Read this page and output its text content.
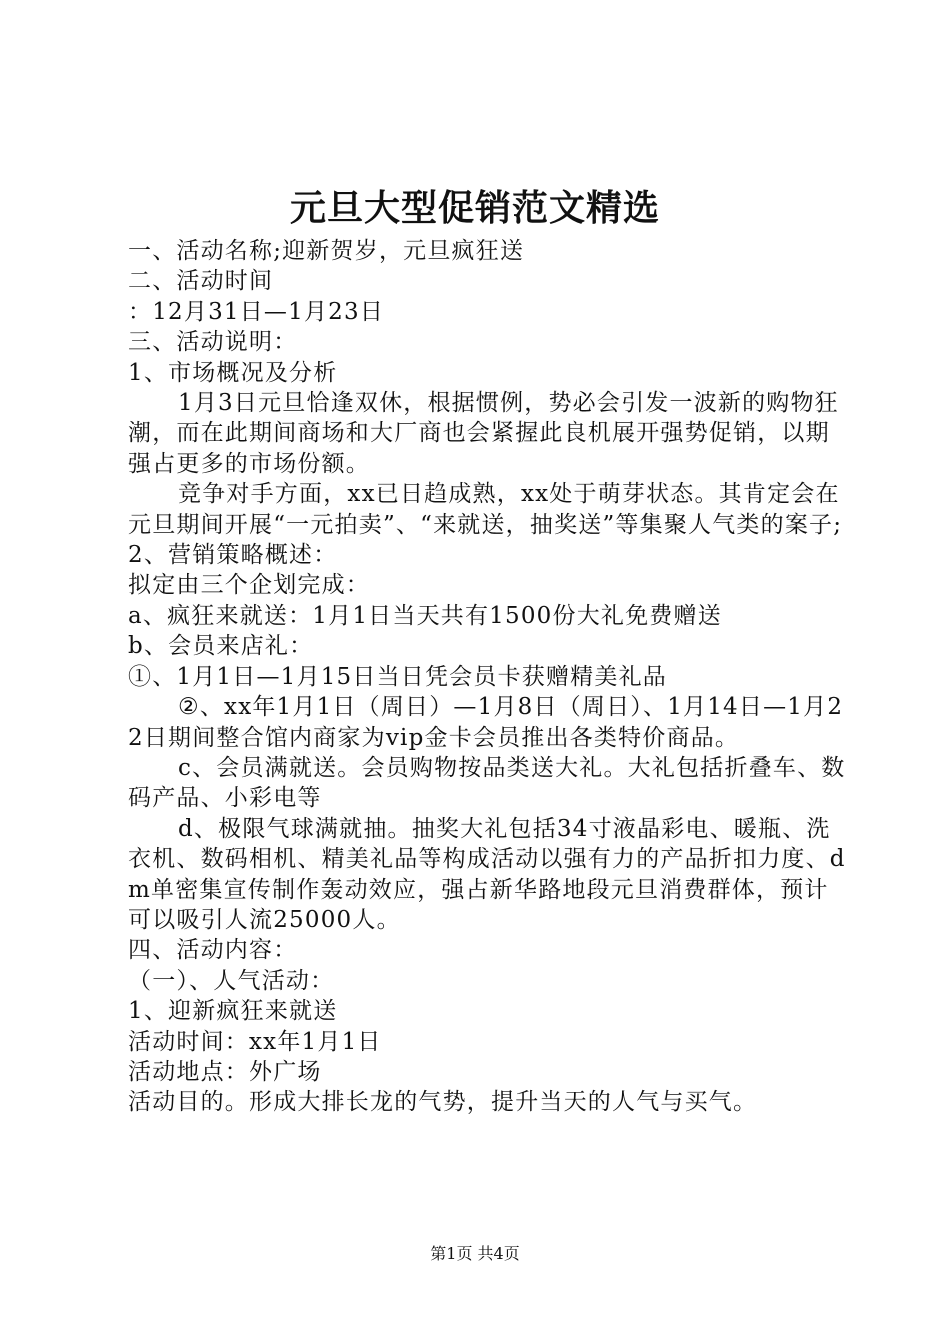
元旦大型促销范文精选

一、活动名称;迎新贺岁，元旦疯狂送

二、活动时间

：12月31日—1月23日

三、活动说明：

1、市场概况及分析

1月3日元旦恰逢双休，根据惯例，势必会引发一波新的购物狂潮，而在此期间商场和大厂商也会紧握此良机展开强势促销，以期强占更多的市场份额。

竞争对手方面，xx已日趋成熟，xx处于萌芽状态。其肯定会在元旦期间开展“一元拍卖”、“来就送，抽奖送”等集聚人气类的案子;

2、营销策略概述：

拟定由三个企划完成：

a、疯狂来就送：1月1日当天共有1500份大礼免费赠送

b、会员来店礼：

①、1月1日—1月15日当日凭会员卡获赠精美礼品

②、xx年1月1日（周日）—1月8日（周日）、1月14日—1月22日期间整合馆内商家为vip金卡会员推出各类特价商品。

c、会员满就送。会员购物按品类送大礼。大礼包括折叠车、数码产品、小彩电等

d、极限气球满就抽。抽奖大礼包括34寸液晶彩电、暖瓶、洗衣机、数码相机、精美礼品等构成活动以强有力的产品折扣力度、dm单密集宣传制作轰动效应，强占新华路地段元旦消费群体，预计可以吸引人流25000人。

四、活动内容：

（一）、人气活动：

1、迎新疯狂来就送

活动时间：xx年1月1日

活动地点：外广场

活动目的。形成大排长龙的气势，提升当天的人气与买气。

第1页 共4页
